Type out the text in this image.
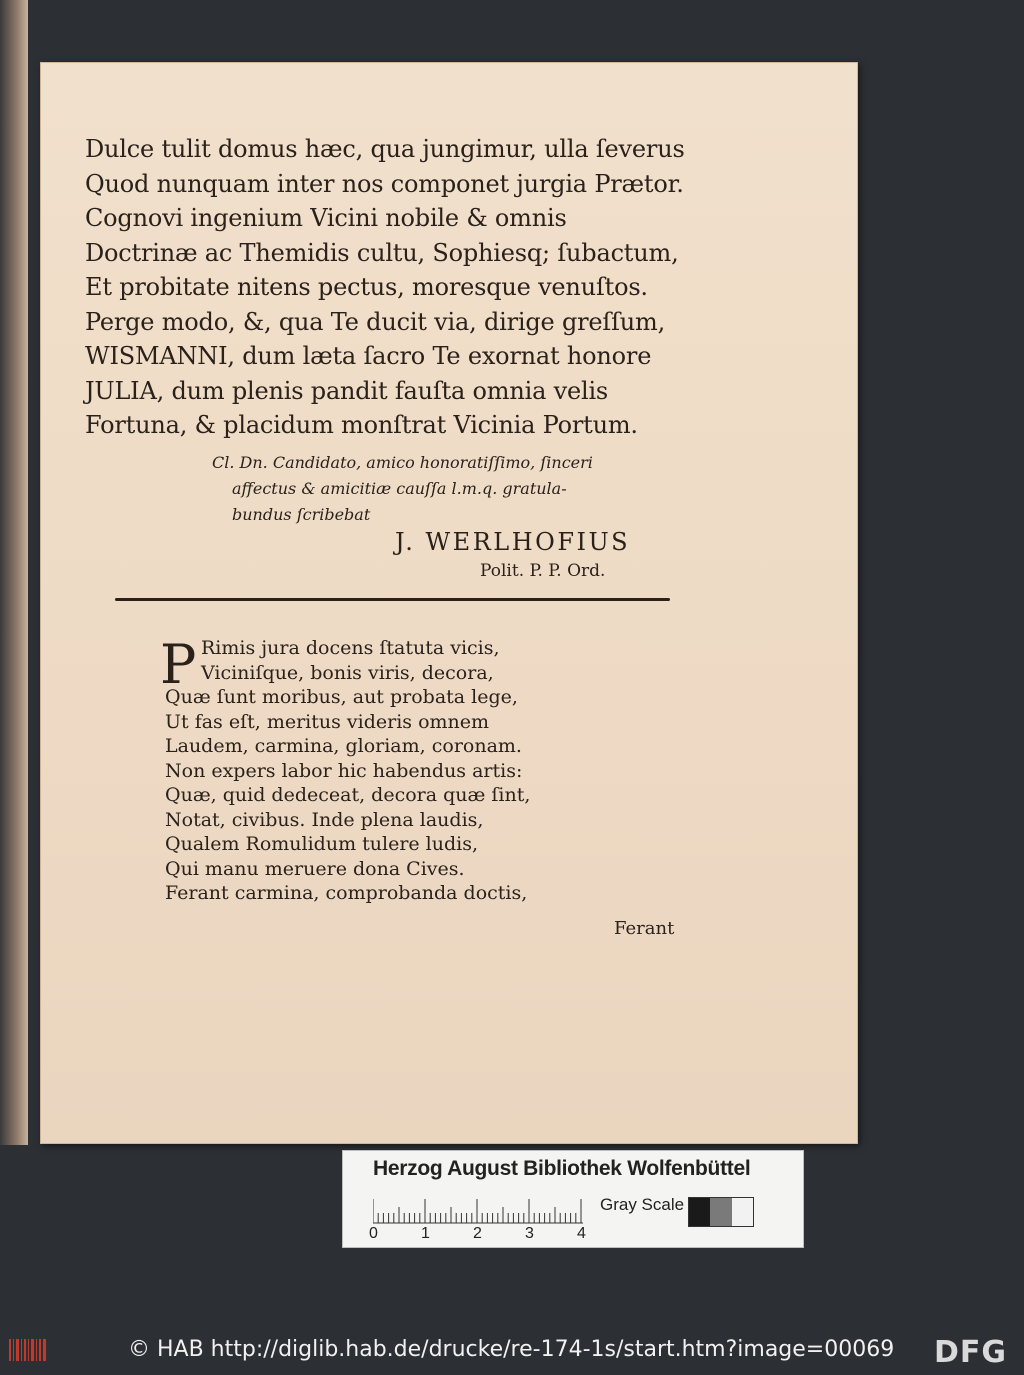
Dulce tulit domus hæc, qua jungimur, ulla ſeverus
Quod nunquam inter nos componet jurgia Prætor.
Cognovi ingenium Vicini nobile & omnis
Doctrinæ ac Themidis cultu, Sophiesq; ſubactum,
Et probitate nitens pectus, moresque venuſtos.
Perge modo, &, qua Te ducit via, dirige greſſum,
WISMANNI, dum læta ſacro Te exornat honore
JULIA, dum plenis pandit fauſta omnia velis
Fortuna, & placidum monſtrat Vicinia Portum.
Cl. Dn. Candidato, amico honoratiſſimo, ſinceri
affectus & amicitiæ cauſſa l.m.q. gratula-
bundus ſcribebat
J. WERLHOFIUS
Polit. P. P. Ord.
P Rimis jura docens ſtatuta vicis,
Viciniſque, bonis viris, decora,
Quæ ſunt moribus, aut probata lege,
Ut fas eſt, meritus videris omnem
Laudem, carmina, gloriam, coronam.
Non expers labor hic habendus artis:
Quæ, quid dedeceat, decora quæ ſint,
Notat, civibus. Inde plena laudis,
Qualem Romulidum tulere ludis,
Qui manu meruere dona Cives.
Ferant carmina, comprobanda doctis,
Ferant
Herzog August Bibliothek Wolfenbüttel
0	1	2	3	4
Gray Scale
© HAB http://diglib.hab.de/drucke/re-174-1s/start.htm?image=00069 DFG
